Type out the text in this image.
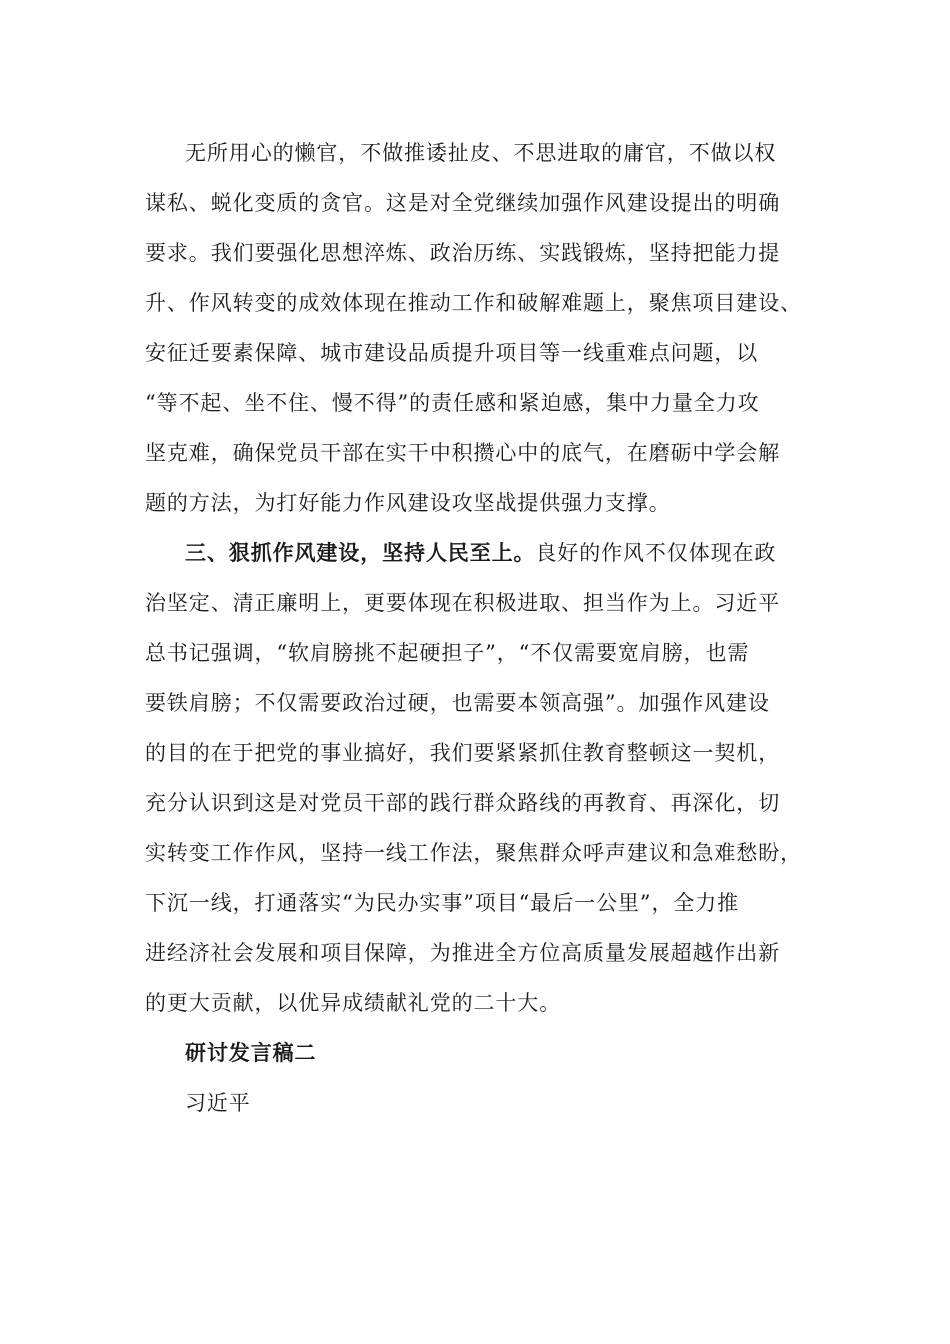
无所用心的懒官，不做推诿扯皮、不思进取的庸官，不做以权
谋私、蜕化变质的贪官。这是对全党继续加强作风建设提出的明确
要求。我们要强化思想淬炼、政治历练、实践锻炼，坚持把能力提
升、作风转变的成效体现在推动工作和破解难题上，聚焦项目建设、
安征迁要素保障、城市建设品质提升项目等一线重难点问题，以
“等不起、坐不住、慢不得”的责任感和紧迫感，集中力量全力攻
坚克难，确保党员干部在实干中积攒心中的底气，在磨砺中学会解
题的方法，为打好能力作风建设攻坚战提供强力支撑。
三、狠抓作风建设，坚持人民至上。良好的作风不仅体现在政
治坚定、清正廉明上，更要体现在积极进取、担当作为上。习近平
总书记强调，“软肩膀挑不起硬担子”，“不仅需要宽肩膀，也需
要铁肩膀；不仅需要政治过硬，也需要本领高强”。加强作风建设
的目的在于把党的事业搞好，我们要紧紧抓住教育整顿这一契机，
充分认识到这是对党员干部的践行群众路线的再教育、再深化，切
实转变工作作风，坚持一线工作法，聚焦群众呼声建议和急难愁盼，
下沉一线，打通落实“为民办实事”项目“最后一公里”，全力推
进经济社会发展和项目保障，为推进全方位高质量发展超越作出新
的更大贡献，以优异成绩献礼党的二十大。
研讨发言稿二
习近平
